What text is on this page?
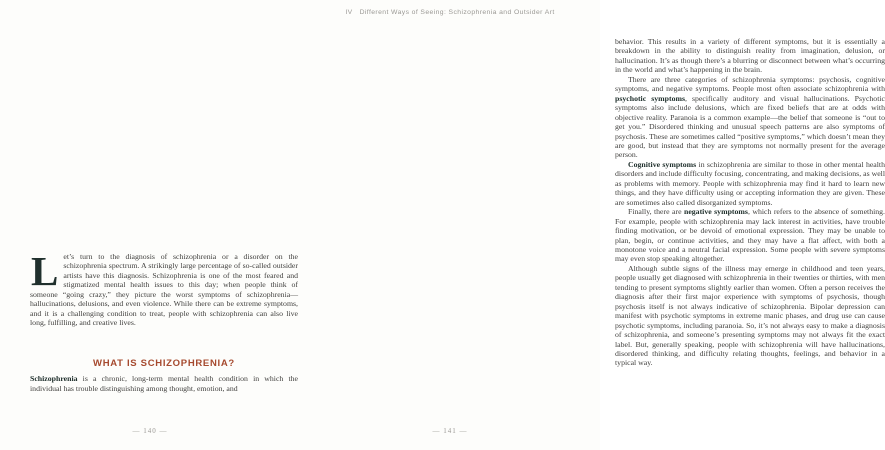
Let’s turn to the diagnosis of schizophrenia or a disorder on the schizophrenia spectrum. A strikingly large percentage of so-called outsider artists have this diagnosis. Schizophrenia is one of the most feared and stigmatized mental health issues to this day; when people think of someone “going crazy,” they picture the worst symptoms of schizophrenia—hallucinations, delusions, and even violence. While there can be extreme symptoms, and it is a challenging condition to treat, people with schizophrenia can also live long, fulfilling, and creative lives.

WHAT IS SCHIZOPHRENIA?

Schizophrenia is a chronic, long-term mental health condition in which the individual has trouble distinguishing among thought, emotion, and

— 140 —
IV Different Ways of Seeing: Schizophrenia and Outsider Art

behavior. This results in a variety of different symptoms, but it is essentially a breakdown in the ability to distinguish reality from imagination, delusion, or hallucination. It’s as though there’s a blurring or disconnect between what’s occurring in the world and what’s happening in the brain.

There are three categories of schizophrenia symptoms: psychosis, cognitive symptoms, and negative symptoms. People most often associate schizophrenia with psychotic symptoms, specifically auditory and visual hallucinations. Psychotic symptoms also include delusions, which are fixed beliefs that are at odds with objective reality. Paranoia is a common example—the belief that someone is “out to get you.” Disordered thinking and unusual speech patterns are also symptoms of psychosis. These are sometimes called “positive symptoms,” which doesn’t mean they are good, but instead that they are symptoms not normally present for the average person.

Cognitive symptoms in schizophrenia are similar to those in other mental health disorders and include difficulty focusing, concentrating, and making decisions, as well as problems with memory. People with schizophrenia may find it hard to learn new things, and they have difficulty using or accepting information they are given. These are sometimes also called disorganized symptoms.

Finally, there are negative symptoms, which refers to the absence of something. For example, people with schizophrenia may lack interest in activities, have trouble finding motivation, or be devoid of emotional expression. They may be unable to plan, begin, or continue activities, and they may have a flat affect, with both a monotone voice and a neutral facial expression. Some people with severe symptoms may even stop speaking altogether.

Although subtle signs of the illness may emerge in childhood and teen years, people usually get diagnosed with schizophrenia in their twenties or thirties, with men tending to present symptoms slightly earlier than women. Often a person receives the diagnosis after their first major experience with symptoms of psychosis, though psychosis itself is not always indicative of schizophrenia. Bipolar depression can manifest with psychotic symptoms in extreme manic phases, and drug use can cause psychotic symptoms, including paranoia. So, it’s not always easy to make a diagnosis of schizophrenia, and someone’s presenting symptoms may not always fit the exact label. But, generally speaking, people with schizophrenia will have hallucinations, disordered thinking, and difficulty relating thoughts, feelings, and behavior in a typical way.

— 141 —
